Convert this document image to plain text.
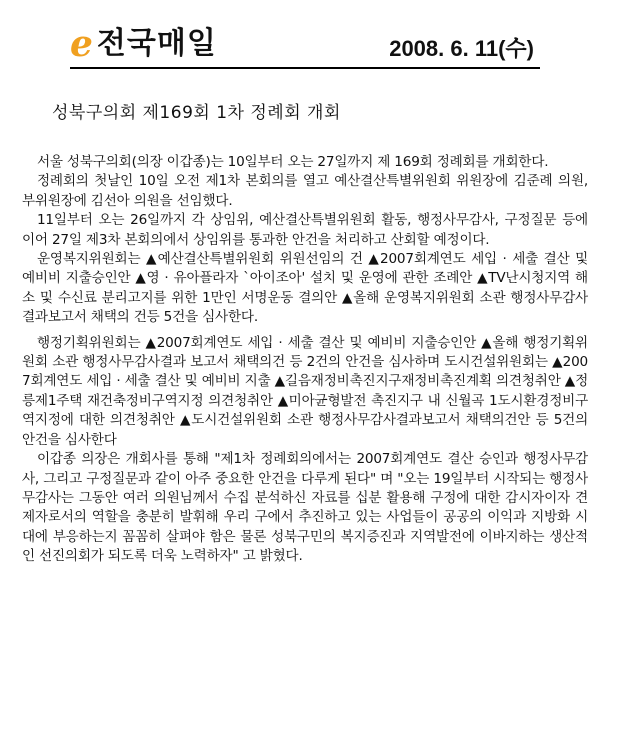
e 전국매일	2008. 6. 11(수)
성북구의회 제169회 1차 정례회 개회

서울 성북구의회(의장 이갑종)는 10일부터 오는 27일까지 제 169회 정례회를 개회한다.

정례회의 첫날인 10일 오전 제1차 본회의를 열고 예산결산특별위원회 위원장에 김준례 의원, 부위원장에 김선아 의원을 선임했다.

11일부터 오는 26일까지 각 상임위, 예산결산특별위원회 활동, 행정사무감사, 구정질문 등에 이어 27일 제3차 본회의에서 상임위를 통과한 안건을 처리하고 산회할 예정이다.

운영복지위원회는 ▲예산결산특별위원회 위원선임의 건 ▲2007회계연도 세입 · 세출 결산 및 예비비 지출승인안 ▲영 · 유아플라자 `아이조아' 설치 및 운영에 관한 조례안 ▲TV난시청지역 해소 및 수신료 분리고지를 위한 1만인 서명운동 결의안 ▲올해 운영복지위원회 소관 행정사무감사결과보고서 채택의 건등 5건을 심사한다.

행정기획위원회는 ▲2007회계연도 세입 · 세출 결산 및 예비비 지출승인안 ▲올해 행정기획위원회 소관 행정사무감사결과 보고서 채택의건 등 2건의 안건을 심사하며 도시건설위원회는 ▲2007회계연도 세입 · 세출 결산 및 예비비 지출 ▲길음재정비촉진지구재정비촉진계획 의견청취안 ▲정릉제1주택 재건축정비구역지정 의견청취안 ▲미아균형발전 촉진지구 내 신월곡 1도시환경정비구역지정에 대한 의견청취안 ▲도시건설위원회 소관 행정사무감사결과보고서 채택의건안 등 5건의 안건을 심사한다

이갑종 의장은 개회사를 통해 "제1차 정례회의에서는 2007회계연도 결산 승인과 행정사무감사, 그리고 구정질문과 같이 아주 중요한 안건을 다루게 된다" 며 "오는 19일부터 시작되는 행정사무감사는 그동안 여러 의원님께서 수집 분석하신 자료를 십분 활용해 구정에 대한 감시자이자 견제자로서의 역할을 충분히 발휘해 우리 구에서 추진하고 있는 사업들이 공공의 이익과 지방화 시대에 부응하는지 꼼꼼히 살펴야 함은 물론 성북구민의 복지증진과 지역발전에 이바지하는 생산적인 선진의회가 되도록 더욱 노력하자" 고 밝혔다.
